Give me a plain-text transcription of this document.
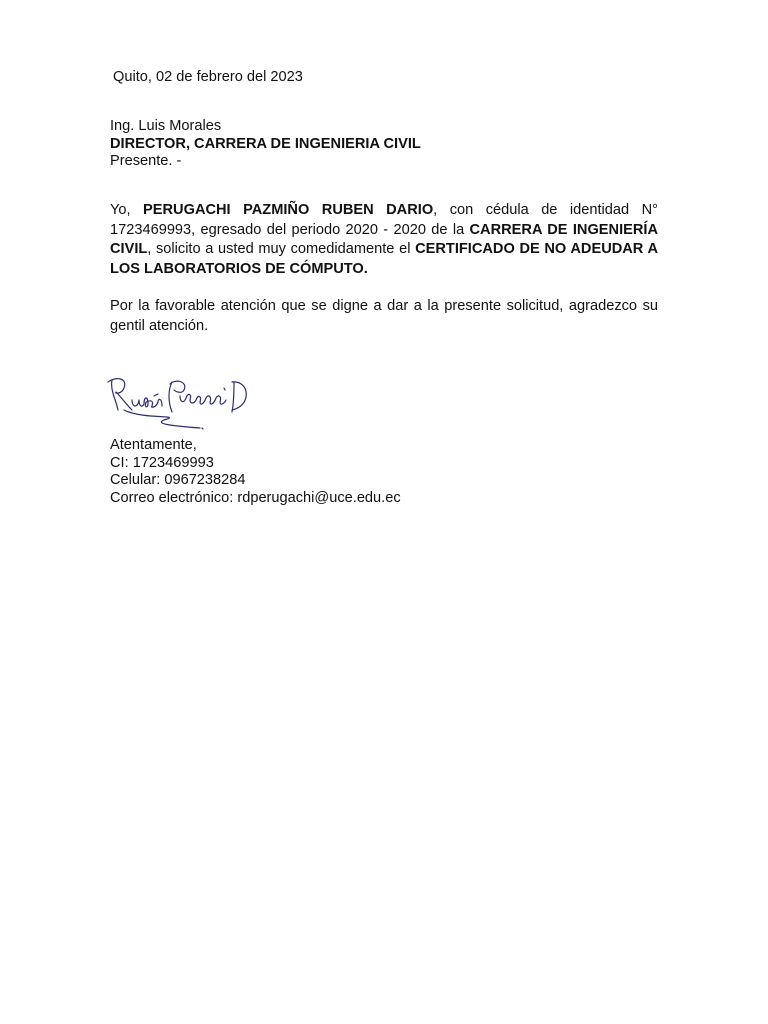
Quito, 02 de febrero del 2023
Ing. Luis Morales
DIRECTOR, CARRERA DE INGENIERIA CIVIL
Presente. -
Yo, PERUGACHI PAZMIÑO RUBEN DARIO, con cédula de identidad N° 1723469993, egresado del periodo 2020 - 2020 de la CARRERA DE INGENIERÍA CIVIL, solicito a usted muy comedidamente el CERTIFICADO DE NO ADEUDAR A LOS LABORATORIOS DE CÓMPUTO.
Por la favorable atención que se digne a dar a la presente solicitud, agradezco su gentil atención.
Atentamente,
CI: 1723469993
Celular: 0967238284
Correo electrónico: rdperugachi@uce.edu.ec
